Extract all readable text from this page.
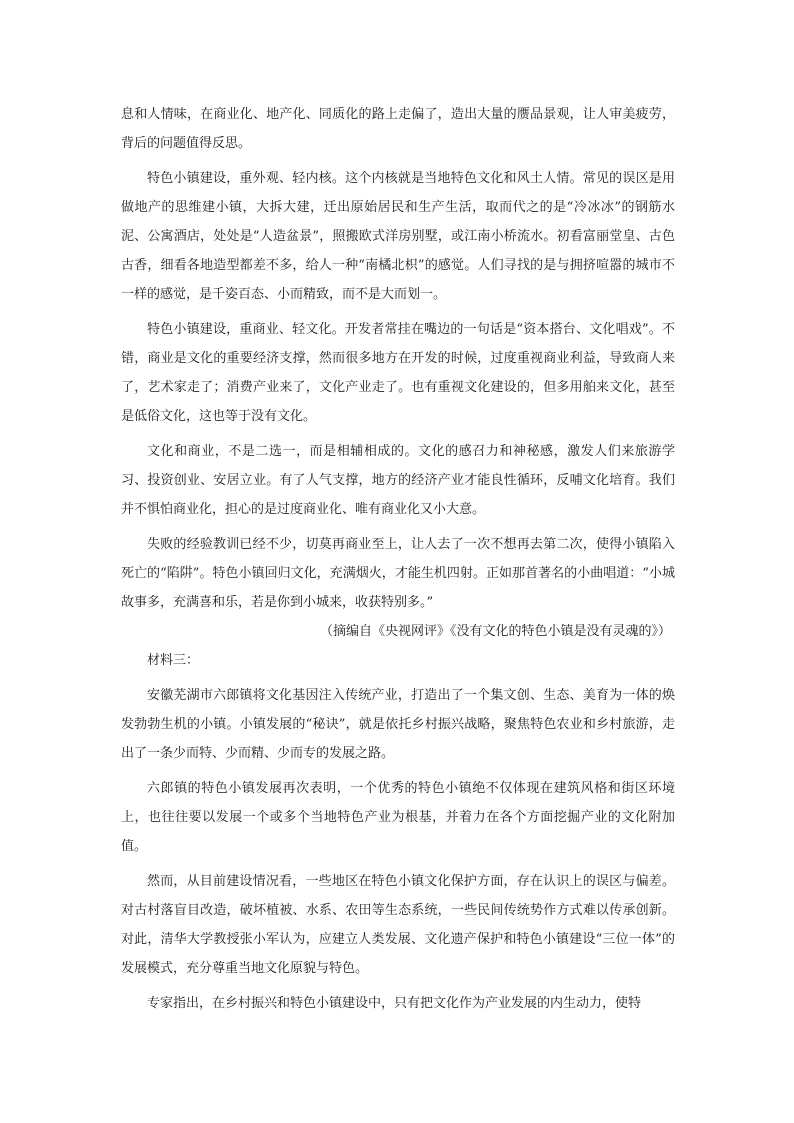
息和人情味，在商业化、地产化、同质化的路上走偏了，造出大量的赝品景观，让人审美疲劳，背后的问题值得反思。

特色小镇建设，重外观、轻内核。这个内核就是当地特色文化和风土人情。常见的误区是用做地产的思维建小镇，大拆大建，迁出原始居民和生产生活，取而代之的是“冷冰冰”的钢筋水泥、公寓酒店，处处是“人造盆景”，照搬欧式洋房别墅，或江南小桥流水。初看富丽堂皇、古色古香，细看各地造型都差不多，给人一种“南橘北枳”的感觉。人们寻找的是与拥挤喧嚣的城市不一样的感觉，是千姿百态、小而精致，而不是大而划一。

特色小镇建设，重商业、轻文化。开发者常挂在嘴边的一句话是“资本搭台、文化唱戏”。不错，商业是文化的重要经济支撑，然而很多地方在开发的时候，过度重视商业利益，导致商人来了，艺术家走了；消费产业来了，文化产业走了。也有重视文化建设的，但多用舶来文化，甚至是低俗文化，这也等于没有文化。

文化和商业，不是二选一，而是相辅相成的。文化的感召力和神秘感，激发人们来旅游学习、投资创业、安居立业。有了人气支撑，地方的经济产业才能良性循环，反哺文化培育。我们并不惧怕商业化，担心的是过度商业化、唯有商业化又小大意。

失败的经验教训已经不少，切莫再商业至上，让人去了一次不想再去第二次，使得小镇陷入死亡的“陷阱”。特色小镇回归文化，充满烟火，才能生机四射。正如那首著名的小曲唱道：“小城故事多，充满喜和乐，若是你到小城来，收获特别多。”

（摘编自《央视网评》《没有文化的特色小镇是没有灵魂的》）

材料三：

安徽芜湖市六郎镇将文化基因注入传统产业，打造出了一个集文创、生态、美育为一体的焕发勃勃生机的小镇。小镇发展的“秘诀”，就是依托乡村振兴战略，聚焦特色农业和乡村旅游，走出了一条少而特、少而精、少而专的发展之路。

六郎镇的特色小镇发展再次表明，一个优秀的特色小镇绝不仅体现在建筑风格和街区环境上，也往往要以发展一个或多个当地特色产业为根基，并着力在各个方面挖掘产业的文化附加值。

然而，从目前建设情况看，一些地区在特色小镇文化保护方面，存在认识上的误区与偏差。对古村落盲目改造，破坏植被、水系、农田等生态系统，一些民间传统势作方式难以传承创新。对此，清华大学教授张小军认为，应建立人类发展、文化遗产保护和特色小镇建设“三位一体”的发展模式，充分尊重当地文化原貌与特色。

专家指出，在乡村振兴和特色小镇建设中，只有把文化作为产业发展的内生动力，使特
